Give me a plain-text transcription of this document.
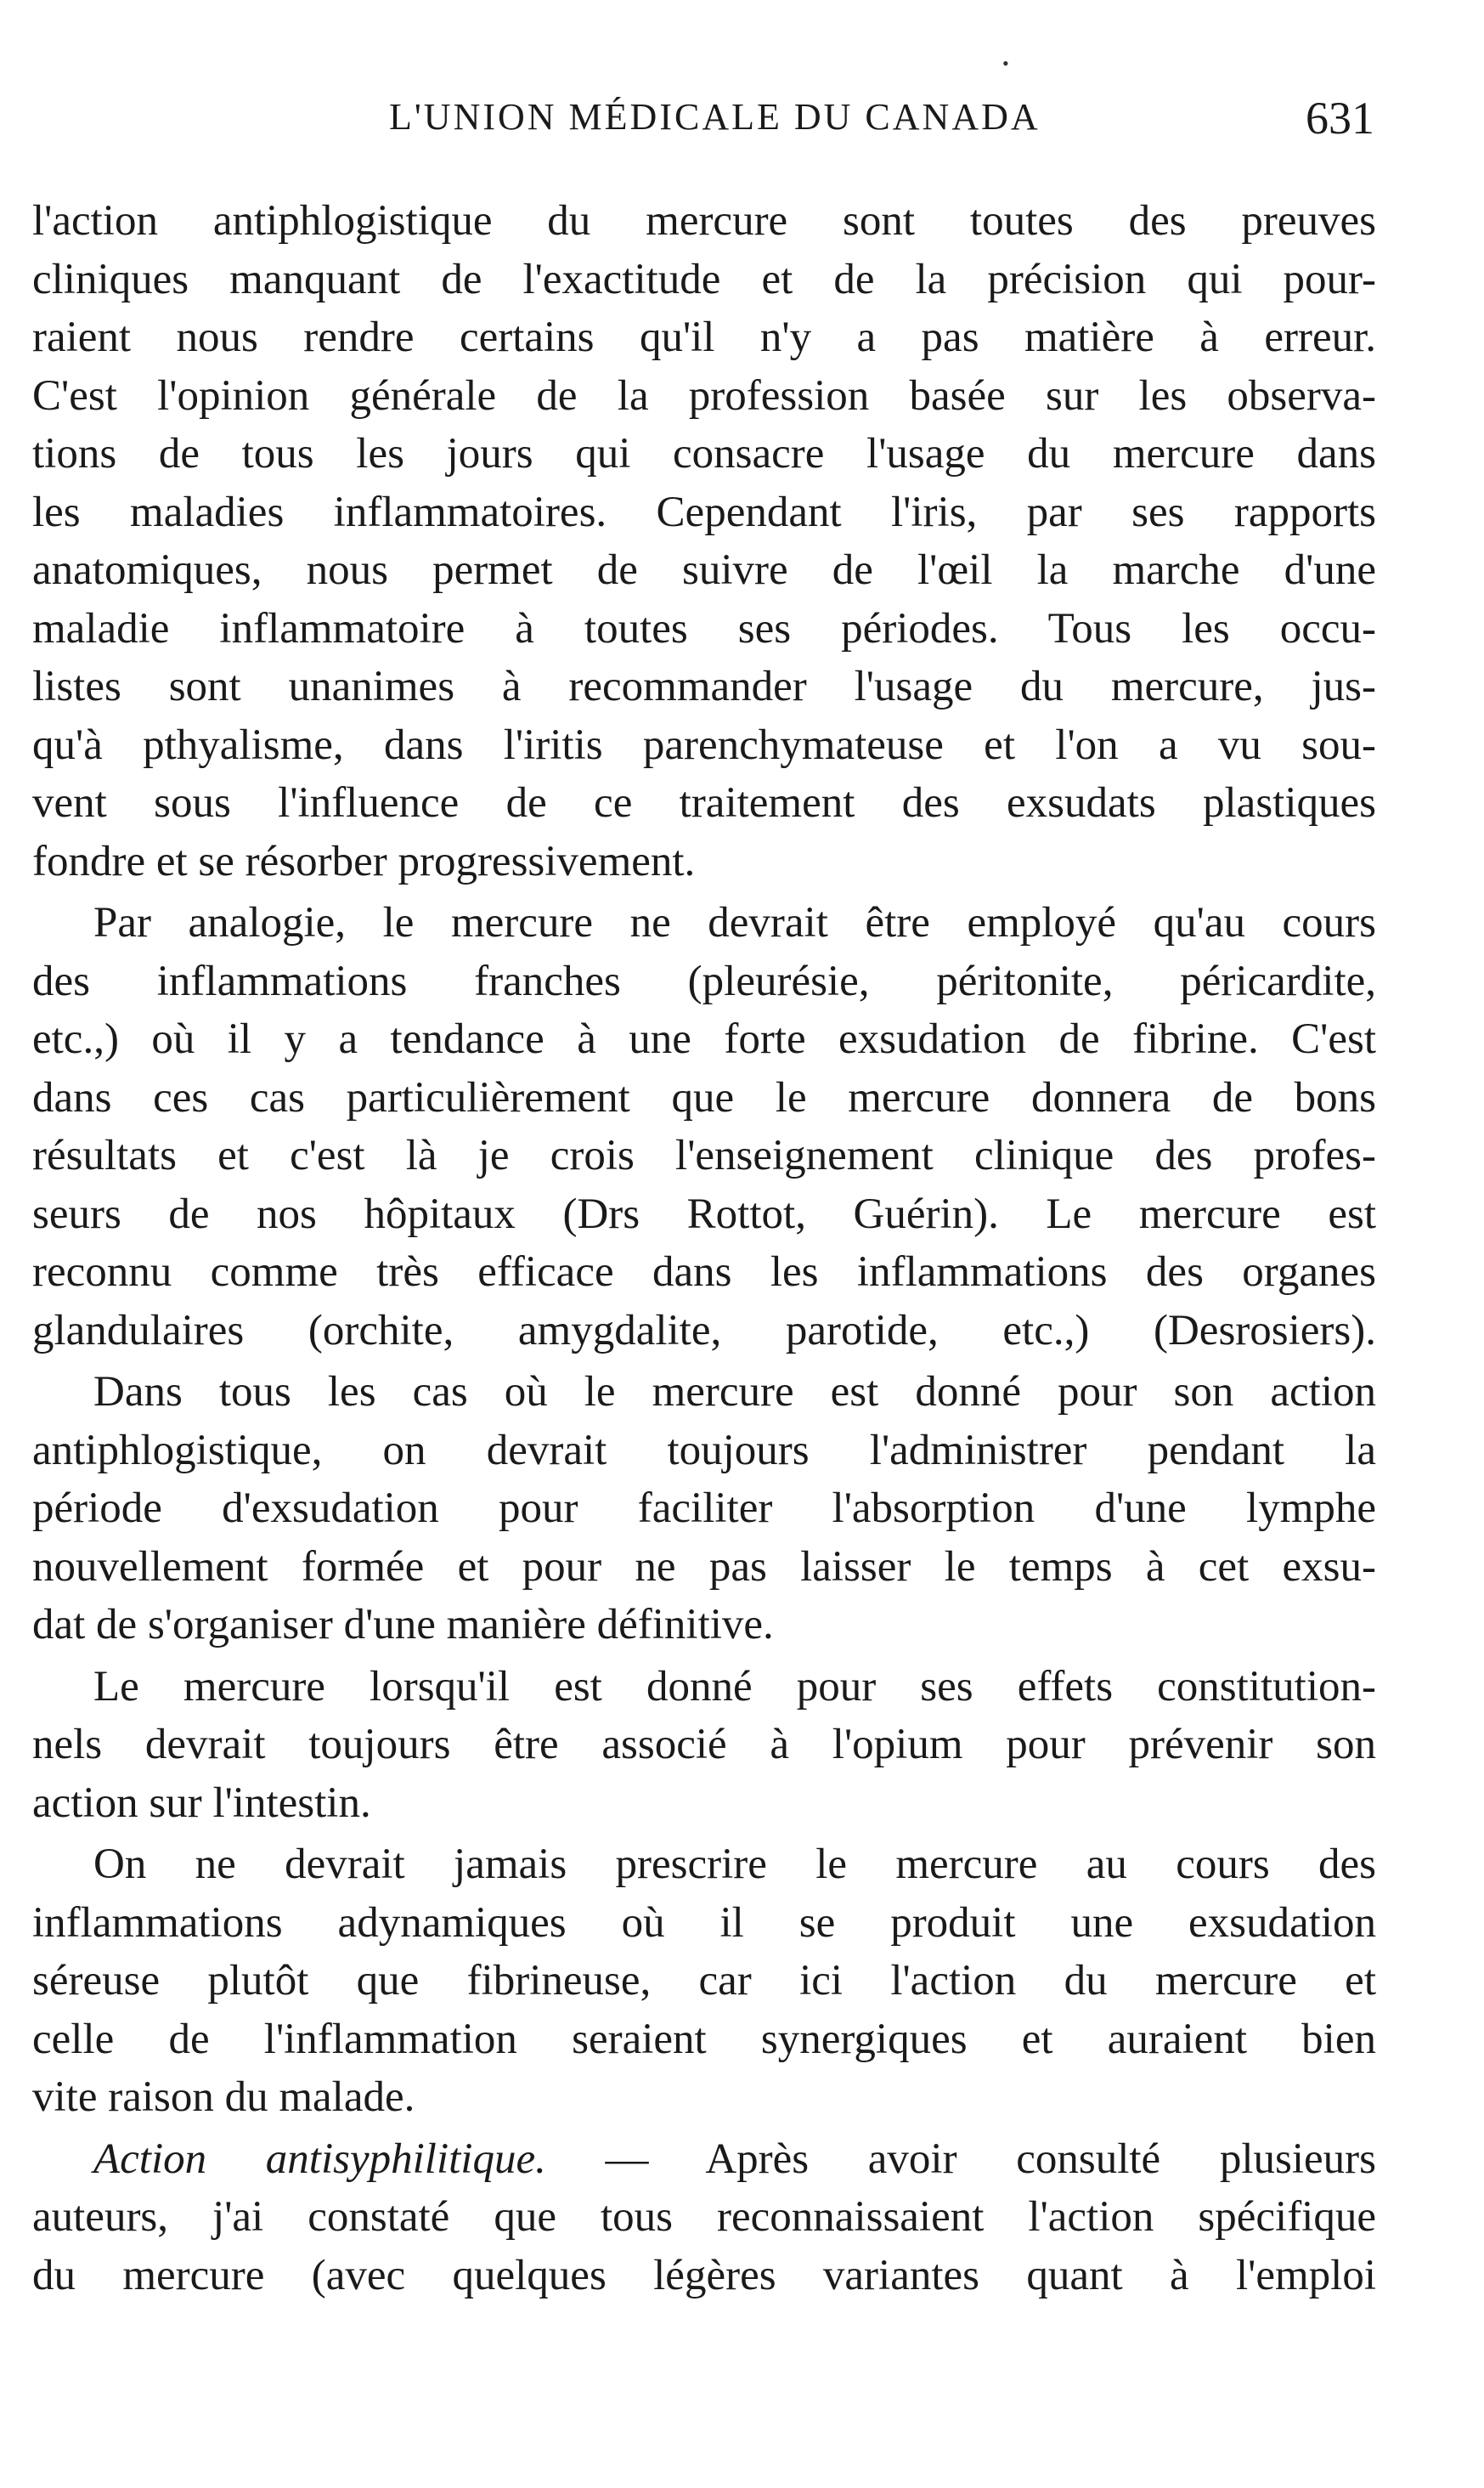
•
L'UNION MÉDICALE DU CANADA	631
l'action antiphlogistique du mercure sont toutes des preuves
cliniques manquant de l'exactitude et de la précision qui pour-
raient nous rendre certains qu'il n'y a pas matière à erreur.
C'est l'opinion générale de la profession basée sur les observa-
tions de tous les jours qui consacre l'usage du mercure dans
les maladies inflammatoires. Cependant l'iris, par ses rapports
anatomiques, nous permet de suivre de l'œil la marche d'une
maladie inflammatoire à toutes ses périodes. Tous les occu-
listes sont unanimes à recommander l'usage du mercure, jus-
qu'à pthyalisme, dans l'iritis parenchymateuse et l'on a vu sou-
vent sous l'influence de ce traitement des exsudats plastiques
fondre et se résorber progressivement.
Par analogie, le mercure ne devrait être employé qu'au cours
des inflammations franches (pleurésie, péritonite, péricardite,
etc.,) où il y a tendance à une forte exsudation de fibrine. C'est
dans ces cas particulièrement que le mercure donnera de bons
résultats et c'est là je crois l'enseignement clinique des profes-
seurs de nos hôpitaux (Drs Rottot, Guérin). Le mercure est
reconnu comme très efficace dans les inflammations des organes
glandulaires (orchite, amygdalite, parotide, etc.,) (Desrosiers).
Dans tous les cas où le mercure est donné pour son action
antiphlogistique, on devrait toujours l'administrer pendant la
période d'exsudation pour faciliter l'absorption d'une lymphe
nouvellement formée et pour ne pas laisser le temps à cet exsu-
dat de s'organiser d'une manière définitive.
Le mercure lorsqu'il est donné pour ses effets constitution-
nels devrait toujours être associé à l'opium pour prévenir son
action sur l'intestin.
On ne devrait jamais prescrire le mercure au cours des
inflammations adynamiques où il se produit une exsudation
séreuse plutôt que fibrineuse, car ici l'action du mercure et
celle de l'inflammation seraient synergiques et auraient bien
vite raison du malade.
Action antisyphilitique. — Après avoir consulté plusieurs
auteurs, j'ai constaté que tous reconnaissaient l'action spécifique
du mercure (avec quelques légères variantes quant à l'emploi
